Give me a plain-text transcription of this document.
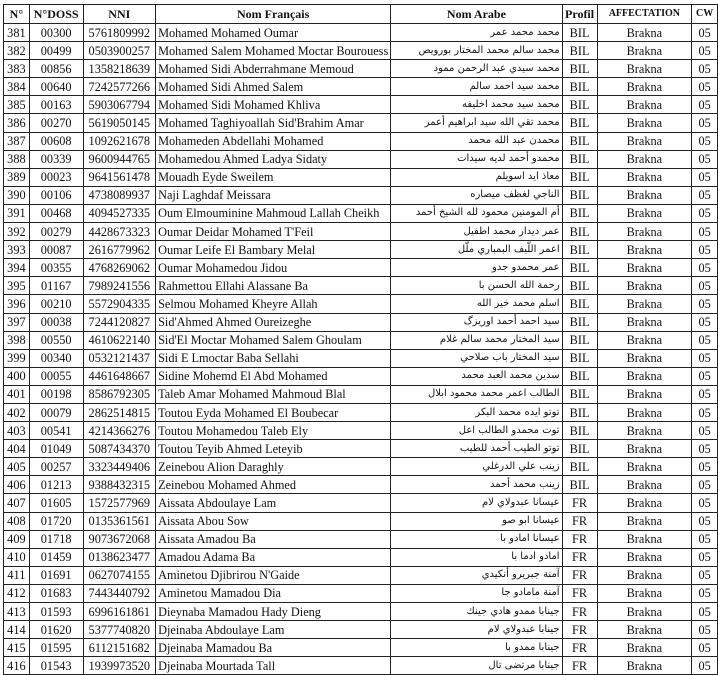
N°	N°DOSS	NNI	Nom Français	Nom Arabe	Profil	AFFECTATION	CW
381	00300	5761809992	Mohamed Mohamed Oumar	محمد محمد عمر	BIL	Brakna	05
382	00499	0503900257	Mohamed Salem Mohamed Moctar Bourouess	محمد سالم محمد المختار بورويص	BIL	Brakna	05
383	00856	1358218639	Mohamed Sidi Abderrahmane Memoud	محمد سيدي عبد الرحمن ممود	BIL	Brakna	05
384	00640	7242577266	Mohamed Sidi Ahmed Salem	محمد سيد احمد سالم	BIL	Brakna	05
385	00163	5903067794	Mohamed Sidi Mohamed Khliva	محمد سيد محمد اخليفه	BIL	Brakna	05
386	00270	5619050145	Mohamed Taghiyoallah Sid'Brahim Amar	محمد تقي الله سيد ابراهيم أعمر	BIL	Brakna	05
387	00608	1092621678	Mohameden Abdellahi Mohamed	محمدن عبد الله محمد	BIL	Brakna	05
388	00339	9600944765	Mohamedou Ahmed Ladya Sidaty	محمدو أحمد لديه سيدات	BIL	Brakna	05
389	00023	9641561478	Mouadh Eyde Sweilem	معاذ ايد اسويلم	BIL	Brakna	05
390	00106	4738089937	Naji Laghdaf Meissara	الناجي لغظف ميصاره	BIL	Brakna	05
391	00468	4094527335	Oum Elmouminine Mahmoud Lallah Cheikh	أم المومنين محمود لله الشيخ أحمد	BIL	Brakna	05
392	00279	4428673323	Oumar Deidar Mohamed T'Feil	عمر ديدار محمد اطفيل	BIL	Brakna	05
393	00087	2616779962	Oumar Leife El Bambary Melal	اعمر اللّيف البمباري ملّل	BIL	Brakna	05
394	00355	4768269062	Oumar Mohamedou Jidou	عمر محمدو جدو	BIL	Brakna	05
395	01167	7989241556	Rahmettou Ellahi Alassane Ba	رحمة الله الحسن با	BIL	Brakna	05
396	00210	5572904335	Selmou Mohamed Kheyre Allah	اسلم محمد خير الله	BIL	Brakna	05
397	00038	7244120827	Sid'Ahmed Ahmed Oureizeghe	سيد احمد أحمد اوريزگ	BIL	Brakna	05
398	00550	4610622140	Sid'El Moctar Mohamed Salem Ghoulam	سيد المختار محمد سالم غلام	BIL	Brakna	05
399	00340	0532121437	Sidi E Lmoctar Baba Sellahi	سيد المختار باب صلاحي	BIL	Brakna	05
400	00055	4461648667	Sidine Mohemd El Abd Mohamed	سدين محمد العبد محمد	BIL	Brakna	05
401	00198	8586792305	Taleb Amar Mohamed Mahmoud Blal	الطالب اعمر محمد محمود ابلال	BIL	Brakna	05
402	00079	2862514815	Toutou Eyda Mohamed El Boubecar	توتو ايده محمد البكر	BIL	Brakna	05
403	00541	4214366276	Toutou Mohamedou Taleb Ely	توت محمدو الطالب اعل	BIL	Brakna	05
404	01049	5087434370	Toutou Teyib Ahmed Leteyib	توتو الطيب أحمد للطيب	BIL	Brakna	05
405	00257	3323449406	Zeinebou Alion Daraghly	زينب علي الدرغلي	BIL	Brakna	05
406	01213	9388432315	Zeinebou Mohamed Ahmed	زينب محمد أحمد	BIL	Brakna	05
407	01605	1572577969	Aissata Abdoulaye Lam	عيسانا عبدولاي لام	FR	Brakna	05
408	01720	0135361561	Aissata Abou Sow	عيسانا ابو صو	FR	Brakna	05
409	01718	9073672068	Aissata Amadou Ba	عيسانا امادو با	FR	Brakna	05
410	01459	0138623477	Amadou Adama Ba	امادو ادما با	FR	Brakna	05
411	01691	0627074155	Aminetou Djibrirou N'Gaide	آمنة جبريرو أنكيدي	FR	Brakna	05
412	01683	7443440792	Aminetou Mamadou Dia	آمنة مامادو جا	FR	Brakna	05
413	01593	6996161861	Dieynaba Mamadou Hady Dieng	جينابا ممدو هادي جينك	FR	Brakna	05
414	01620	5377740820	Djeinaba Abdoulaye Lam	جينابا عبدولاي لام	FR	Brakna	05
415	01595	6112151682	Djeinaba Mamadou Ba	جينابا ممدو با	FR	Brakna	05
416	01543	1939973520	Djeinaba Mourtada Tall	جينابا مرتضى تال	FR	Brakna	05
